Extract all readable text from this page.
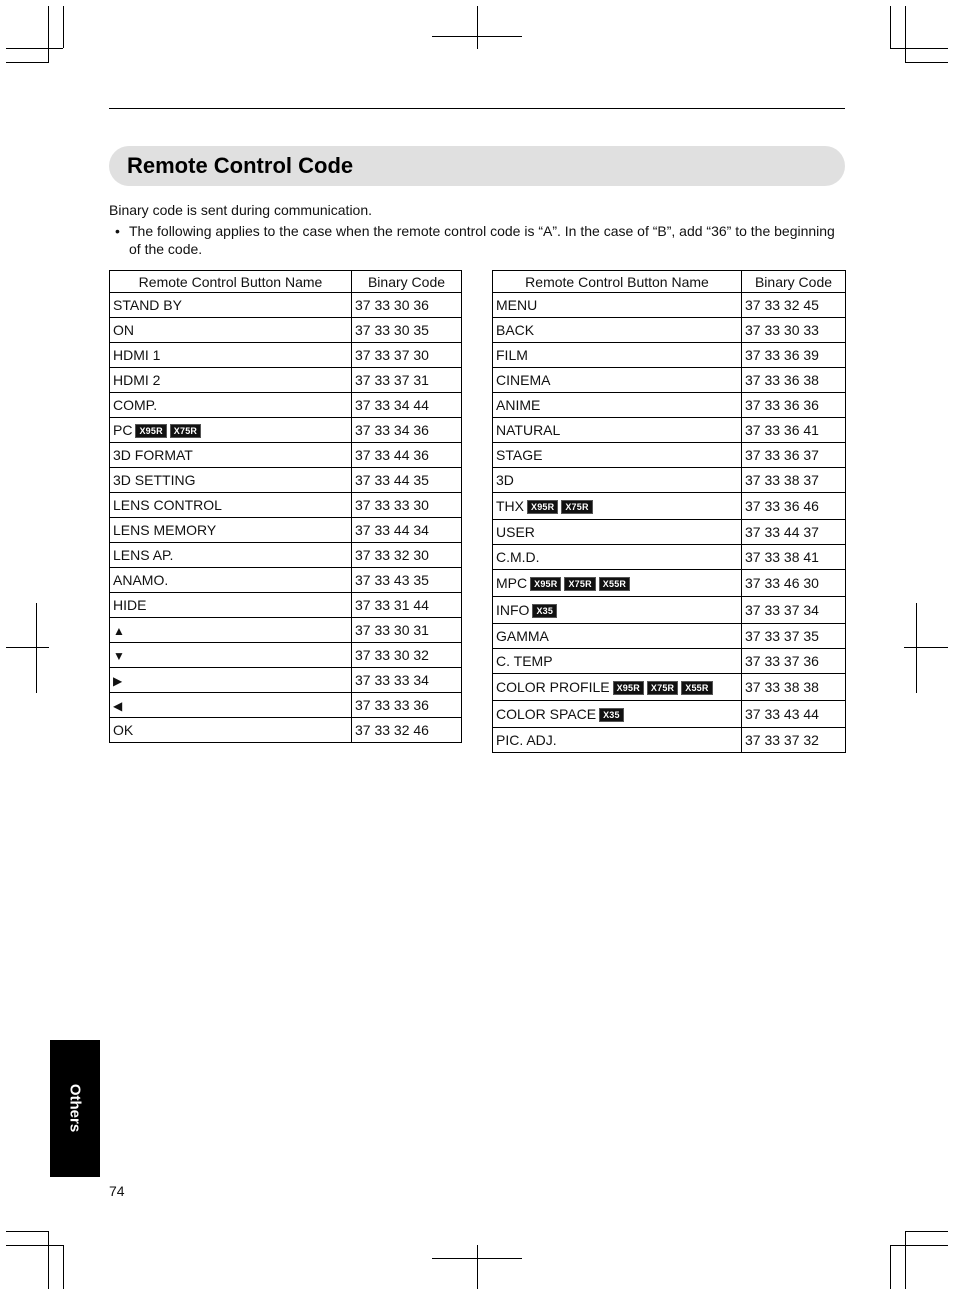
Remote Control Code

Binary code is sent during communication.

• The following applies to the case when the remote control code is “A”. In the case of “B”, add “36” to the beginning of the code.
Remote Control Button Name	Binary Code
STAND BY	37 33 30 36
ON	37 33 30 35
HDMI 1	37 33 37 30
HDMI 2	37 33 37 31
COMP.	37 33 34 44
PC X95R X75R	37 33 34 36
3D FORMAT	37 33 44 36
3D SETTING	37 33 44 35
LENS CONTROL	37 33 33 30
LENS MEMORY	37 33 44 34
LENS AP.	37 33 32 30
ANAMO.	37 33 43 35
HIDE	37 33 31 44
▲	37 33 30 31
▼	37 33 30 32
▶	37 33 33 34
◀	37 33 33 36
OK	37 33 32 46
Remote Control Button Name	Binary Code
MENU	37 33 32 45
BACK	37 33 30 33
FILM	37 33 36 39
CINEMA	37 33 36 38
ANIME	37 33 36 36
NATURAL	37 33 36 41
STAGE	37 33 36 37
3D	37 33 38 37
THX X95R X75R	37 33 36 46
USER	37 33 44 37
C.M.D.	37 33 38 41
MPC X95R X75R X55R	37 33 46 30
INFO X35	37 33 37 34
GAMMA	37 33 37 35
C. TEMP	37 33 37 36
COLOR PROFILE X95R X75R X55R	37 33 38 38
COLOR SPACE X35	37 33 43 44
PIC. ADJ.	37 33 37 32
Others
74
